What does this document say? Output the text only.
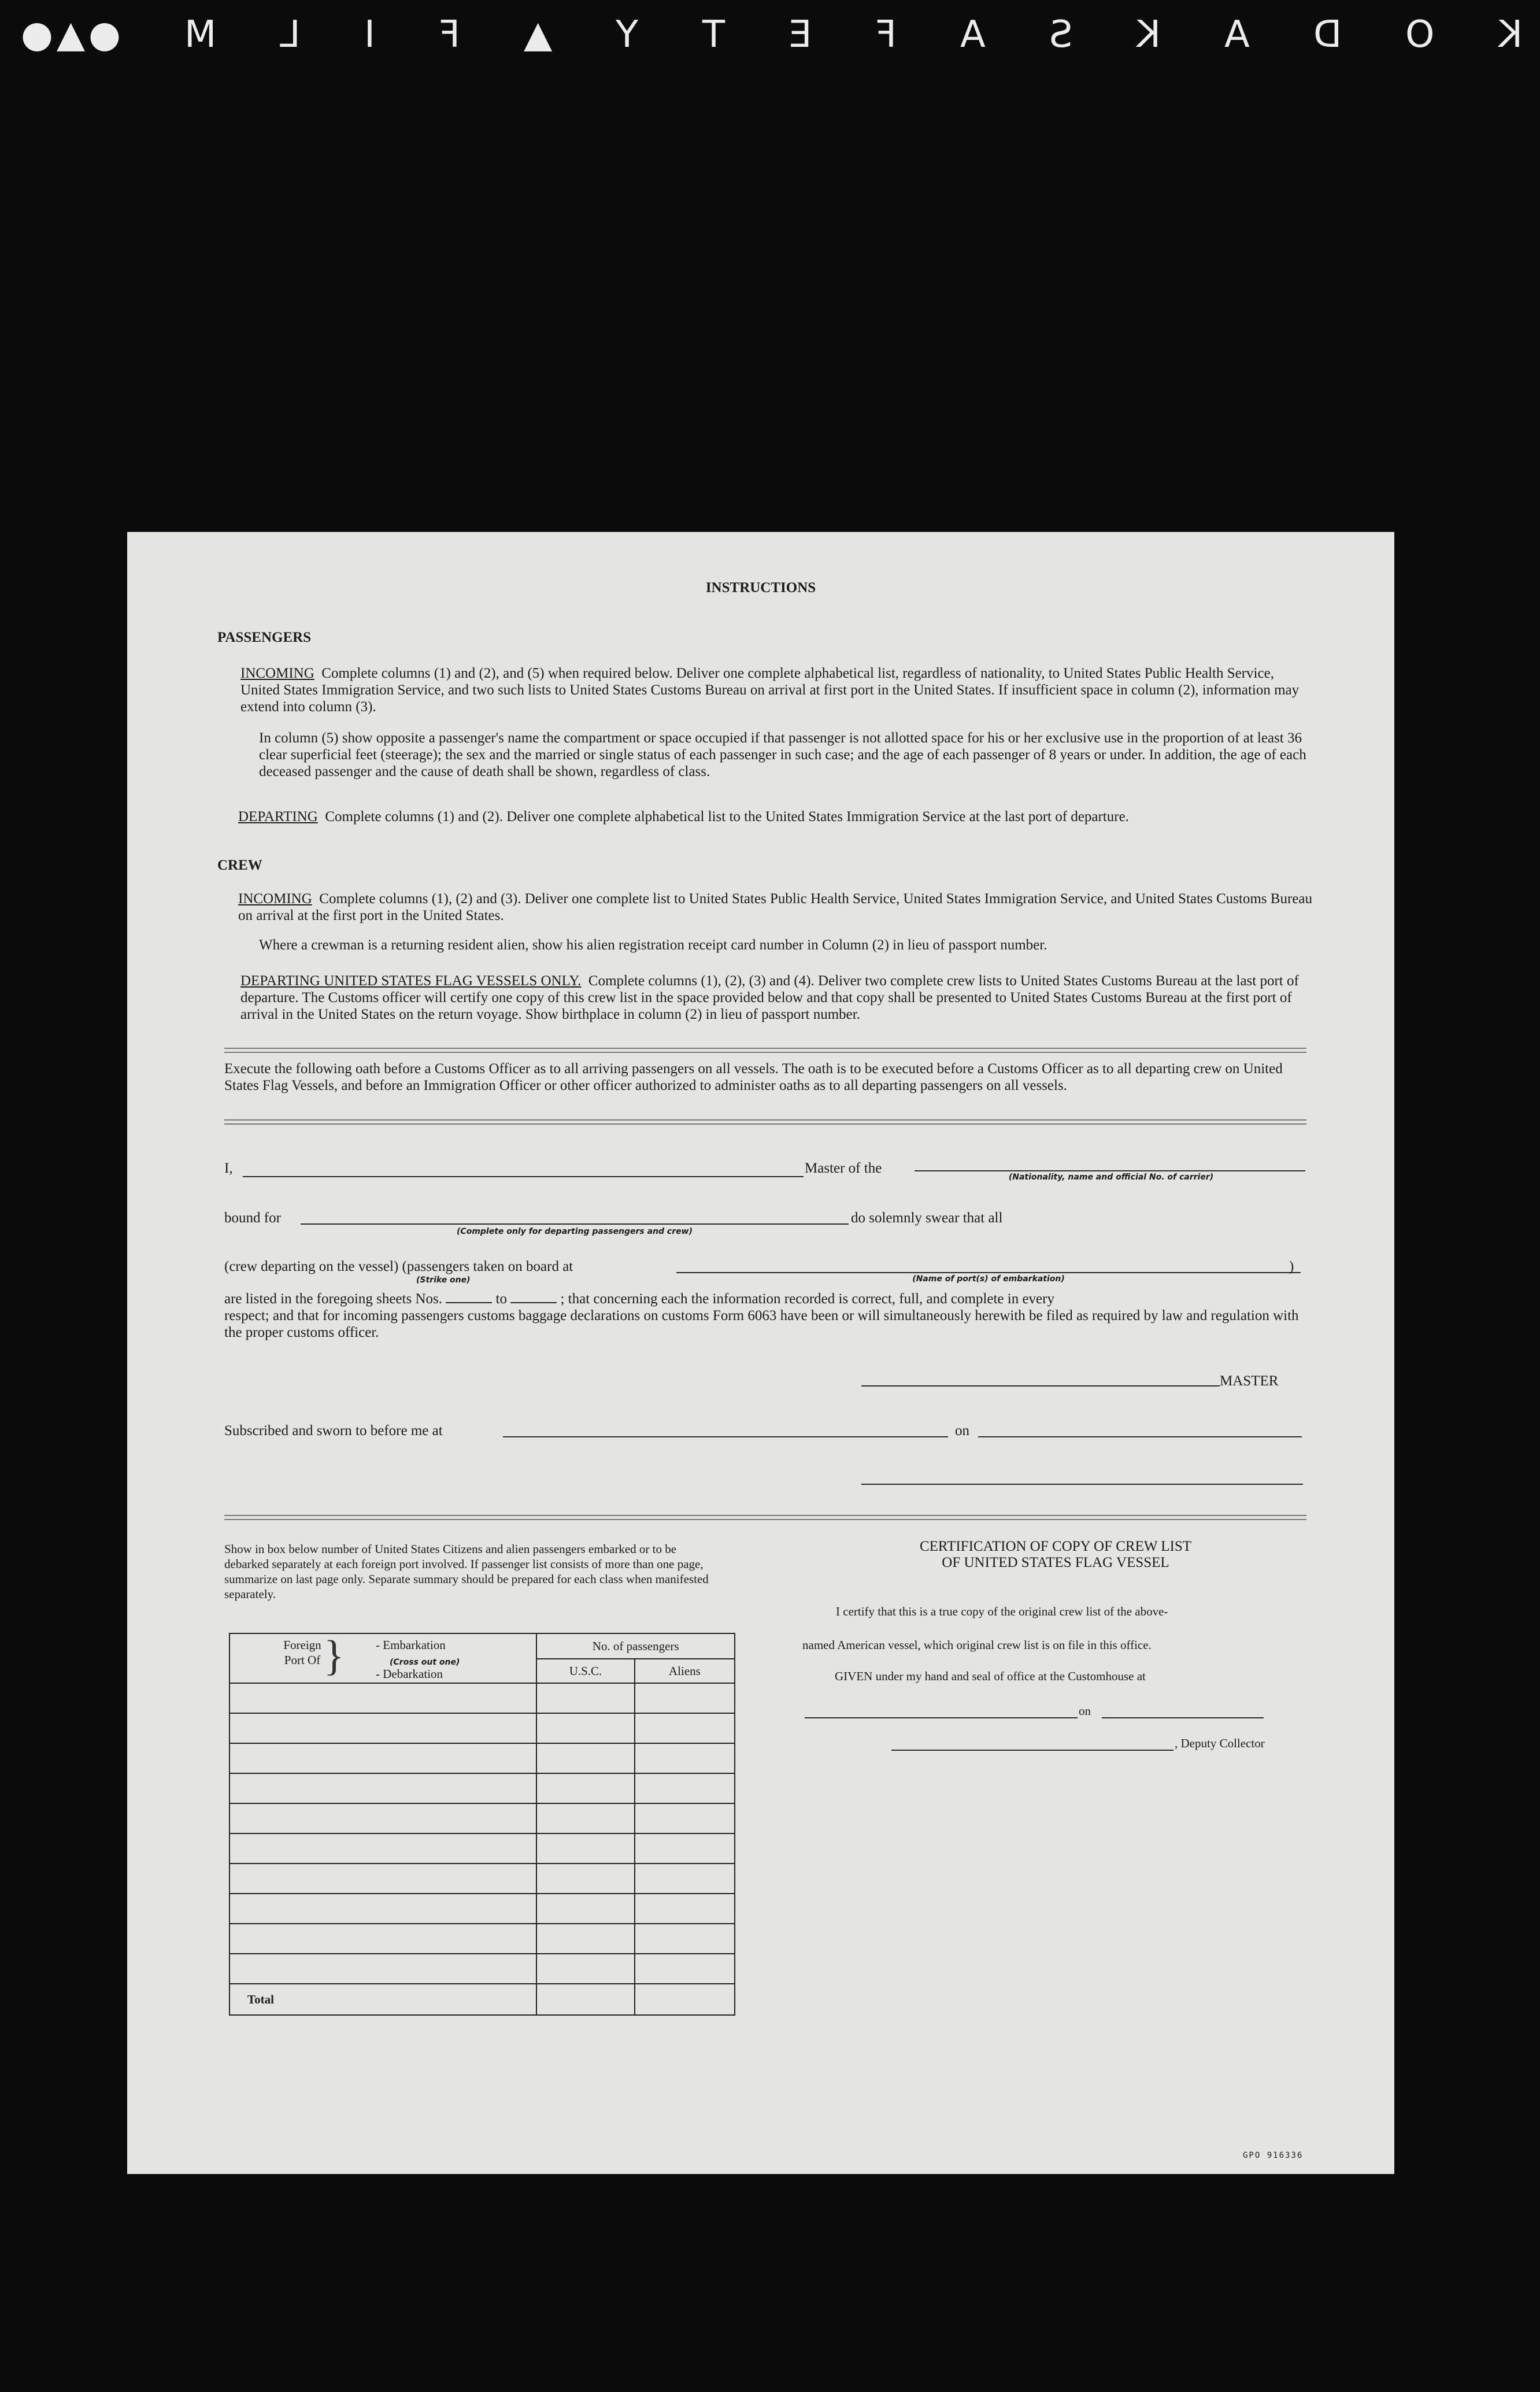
●▲● M L I F ▲ Y T E F A S K A D O K
INSTRUCTIONS
PASSENGERS

INCOMING Complete columns (1) and (2), and (5) when required below. Deliver one complete alphabetical list, regardless of nationality, to United States Public Health Service, United States Immigration Service, and two such lists to United States Customs Bureau on arrival at first port in the United States. If insufficient space in column (2), information may extend into column (3).

In column (5) show opposite a passenger's name the compartment or space occupied if that passenger is not allotted space for his or her exclusive use in the proportion of at least 36 clear superficial feet (steerage); the sex and the married or single status of each passenger in such case; and the age of each passenger of 8 years or under. In addition, the age of each deceased passenger and the cause of death shall be shown, regardless of class.

DEPARTING Complete columns (1) and (2). Deliver one complete alphabetical list to the United States Immigration Service at the last port of departure.

CREW

INCOMING Complete columns (1), (2) and (3). Deliver one complete list to United States Public Health Service, United States Immigration Service, and United States Customs Bureau on arrival at the first port in the United States.

Where a crewman is a returning resident alien, show his alien registration receipt card number in Column (2) in lieu of passport number.

DEPARTING UNITED STATES FLAG VESSELS ONLY. Complete columns (1), (2), (3) and (4). Deliver two complete crew lists to United States Customs Bureau at the last port of departure. The Customs officer will certify one copy of this crew list in the space provided below and that copy shall be presented to United States Customs Bureau at the first port of arrival in the United States on the return voyage. Show birthplace in column (2) in lieu of passport number.

Execute the following oath before a Customs Officer as to all arriving passengers on all vessels. The oath is to be executed before a Customs Officer as to all departing crew on United States Flag Vessels, and before an Immigration Officer or other officer authorized to administer oaths as to all departing passengers on all vessels.
I,	Master of the
(Nationality, name and official No. of carrier)
bound for	do solemnly swear that all
(Complete only for departing passengers and crew)
(crew departing on the vessel) (passengers taken on board at
(Strike one)
)
(Name of port(s) of embarkation)
are listed in the foregoing sheets Nos.	to	; that concerning each the information recorded is correct, full, and complete in every
respect; and that for incoming passengers customs baggage declarations on customs Form 6063 have been or will simultaneously herewith be filed as required by law and regulation with the proper customs officer.
MASTER
Subscribed and sworn to before me at	on
Show in box below number of United States Citizens and alien passengers embarked or to be debarked separately at each foreign port involved. If passenger list consists of more than one page, summarize on last page only. Separate summary should be prepared for each class when manifested separately.
Foreign Port Of } - Embarkation
(Cross out one)
- Debarkation	No. of passengers	
	U.S.C.	Aliens

Total		
CERTIFICATION OF COPY OF CREW LIST
OF UNITED STATES FLAG VESSEL
I certify that this is a true copy of the original crew list of the above-
named American vessel, which original crew list is on file in this office.
GIVEN under my hand and seal of office at the Customhouse at
on
, Deputy Collector
GPO 916336
